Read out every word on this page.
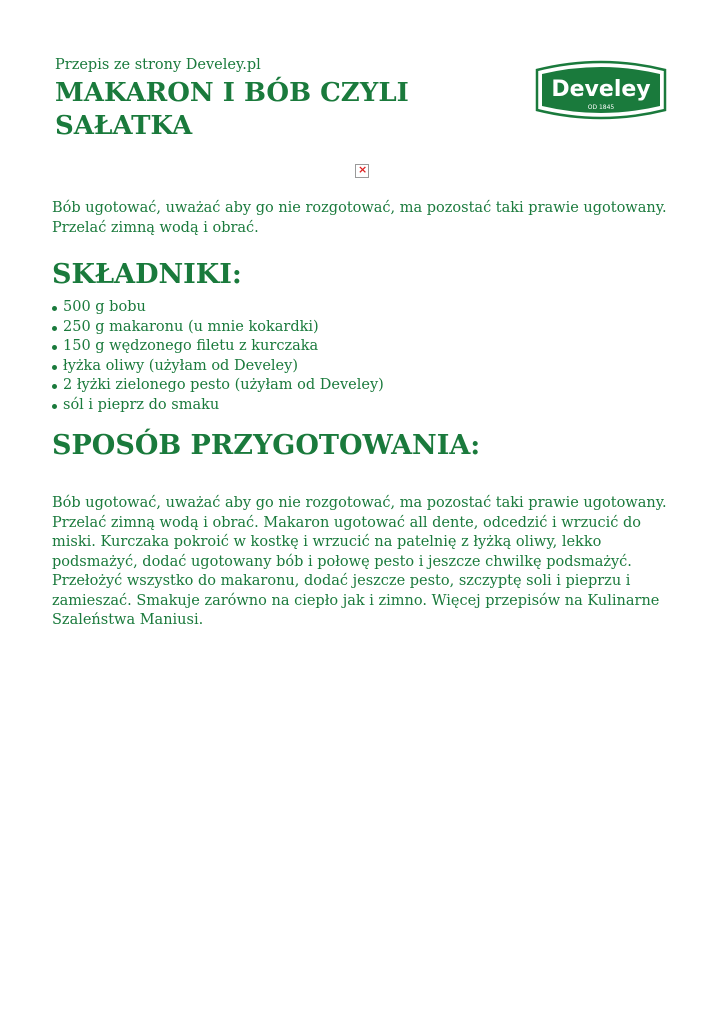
Przepis ze strony Develey.pl
MAKARON I BÓB CZYLI SAŁATKA
Develey
OD 1845
×

Bób ugotować, uważać aby go nie rozgotować, ma pozostać taki prawie ugotowany. Przelać zimną wodą i obrać.

SKŁADNIKI:
500 g bobu
250 g makaronu (u mnie kokardki)
150 g wędzonego filetu z kurczaka
łyżka oliwy (użyłam od Develey)
2 łyżki zielonego pesto (użyłam od Develey)
sól i pieprz do smaku
SPOSÓB PRZYGOTOWANIA:

Bób ugotować, uważać aby go nie rozgotować, ma pozostać taki prawie ugotowany. Przelać zimną wodą i obrać. Makaron ugotować all dente, odcedzić i wrzucić do miski. Kurczaka pokroić w kostkę i wrzucić na patelnię z łyżką oliwy, lekko podsmażyć, dodać ugotowany bób i połowę pesto i jeszcze chwilkę podsmażyć. Przełożyć wszystko do makaronu, dodać jeszcze pesto, szczyptę soli i pieprzu i zamieszać. Smakuje zarówno na ciepło jak i zimno. Więcej przepisów na Kulinarne Szaleństwa Maniusi.
